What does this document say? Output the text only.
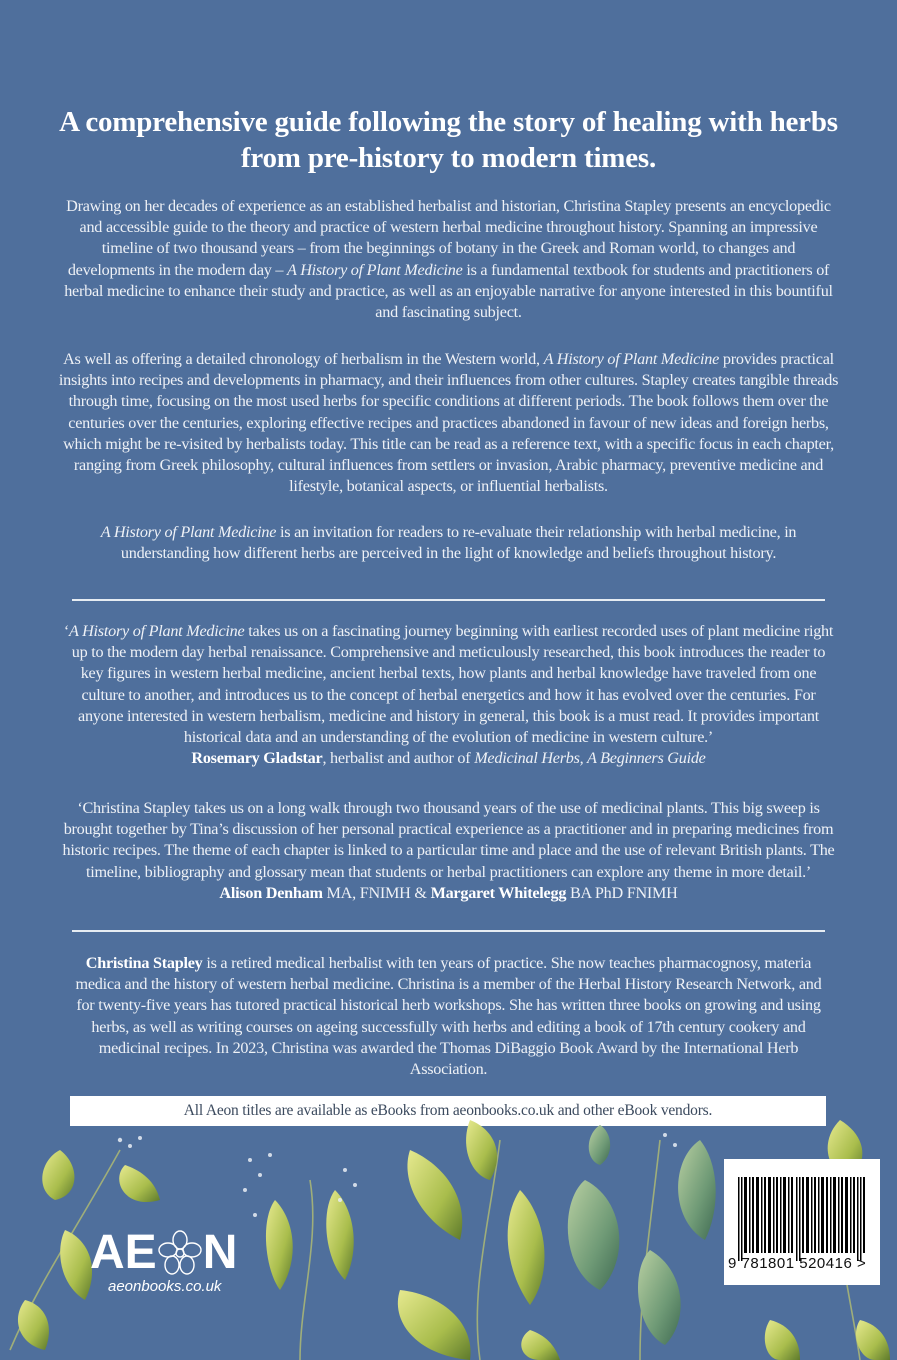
A comprehensive guide following the story of healing with herbs from pre-history to modern times.
Drawing on her decades of experience as an established herbalist and historian, Christina Stapley presents an encyclopedic and accessible guide to the theory and practice of western herbal medicine throughout history. Spanning an impressive timeline of two thousand years – from the beginnings of botany in the Greek and Roman world, to changes and developments in the modern day – A History of Plant Medicine is a fundamental textbook for students and practitioners of herbal medicine to enhance their study and practice, as well as an enjoyable narrative for anyone interested in this bountiful and fascinating subject.
As well as offering a detailed chronology of herbalism in the Western world, A History of Plant Medicine provides practical insights into recipes and developments in pharmacy, and their influences from other cultures. Stapley creates tangible threads through time, focusing on the most used herbs for specific conditions at different periods. The book follows them over the centuries over the centuries, exploring effective recipes and practices abandoned in favour of new ideas and foreign herbs, which might be re-visited by herbalists today. This title can be read as a reference text, with a specific focus in each chapter, ranging from Greek philosophy, cultural influences from settlers or invasion, Arabic pharmacy, preventive medicine and lifestyle, botanical aspects, or influential herbalists.
A History of Plant Medicine is an invitation for readers to re-evaluate their relationship with herbal medicine, in understanding how different herbs are perceived in the light of knowledge and beliefs throughout history.
‘A History of Plant Medicine takes us on a fascinating journey beginning with earliest recorded uses of plant medicine right up to the modern day herbal renaissance. Comprehensive and meticulously researched, this book introduces the reader to key figures in western herbal medicine, ancient herbal texts, how plants and herbal knowledge have traveled from one culture to another, and introduces us to the concept of herbal energetics and how it has evolved over the centuries. For anyone interested in western herbalism, medicine and history in general, this book is a must read. It provides important historical data and an understanding of the evolution of medicine in western culture.’
Rosemary Gladstar, herbalist and author of Medicinal Herbs, A Beginners Guide
‘Christina Stapley takes us on a long walk through two thousand years of the use of medicinal plants. This big sweep is brought together by Tina’s discussion of her personal practical experience as a practitioner and in preparing medicines from historic recipes. The theme of each chapter is linked to a particular time and place and the use of relevant British plants. The timeline, bibliography and glossary mean that students or herbal practitioners can explore any theme in more detail.’
Alison Denham MA, FNIMH & Margaret Whitelegg BA PhD FNIMH
Christina Stapley is a retired medical herbalist with ten years of practice. She now teaches pharmacognosy, materia medica and the history of western herbal medicine. Christina is a member of the Herbal History Research Network, and for twenty-five years has tutored practical historical herb workshops. She has written three books on growing and using herbs, as well as writing courses on ageing successfully with herbs and editing a book of 17th century cookery and medicinal recipes. In 2023, Christina was awarded the Thomas DiBaggio Book Award by the International Herb Association.
All Aeon titles are available as eBooks from aeonbooks.co.uk and other eBook vendors.
AE N
aeonbooks.co.uk
9 781801 520416 >
